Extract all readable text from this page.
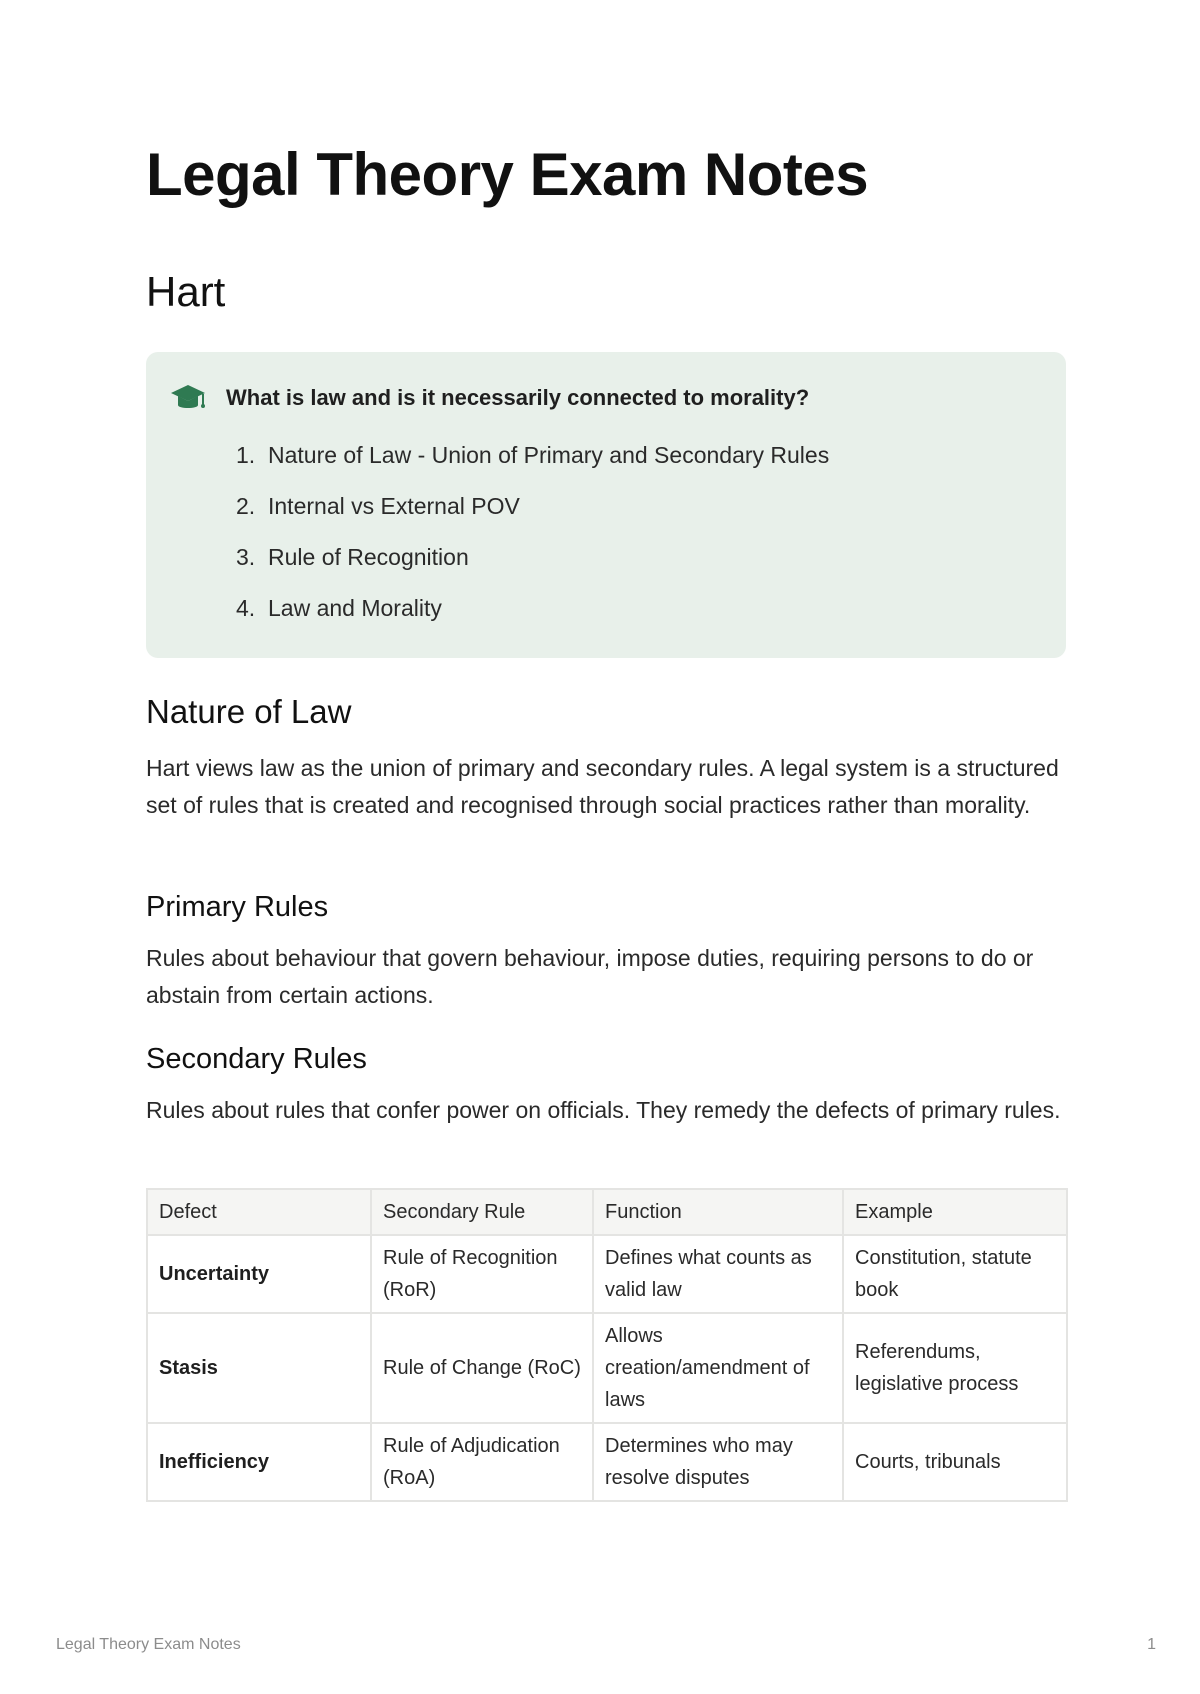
Legal Theory Exam Notes
Hart
What is law and is it necessarily connected to morality?
1. Nature of Law - Union of Primary and Secondary Rules
2. Internal vs External POV
3. Rule of Recognition
4. Law and Morality
Nature of Law

Hart views law as the union of primary and secondary rules. A legal system is a structured set of rules that is created and recognised through social practices rather than morality.

Primary Rules

Rules about behaviour that govern behaviour, impose duties, requiring persons to do or abstain from certain actions.

Secondary Rules

Rules about rules that confer power on officials. They remedy the defects of primary rules.

Defect	Secondary Rule	Function	Example
Uncertainty	Rule of Recognition (RoR)	Defines what counts as valid law	Constitution, statute book
Stasis	Rule of Change (RoC)	Allows creation/amendment of laws	Referendums, legislative process
Inefficiency	Rule of Adjudication (RoA)	Determines who may resolve disputes	Courts, tribunals
Legal Theory Exam Notes	1
